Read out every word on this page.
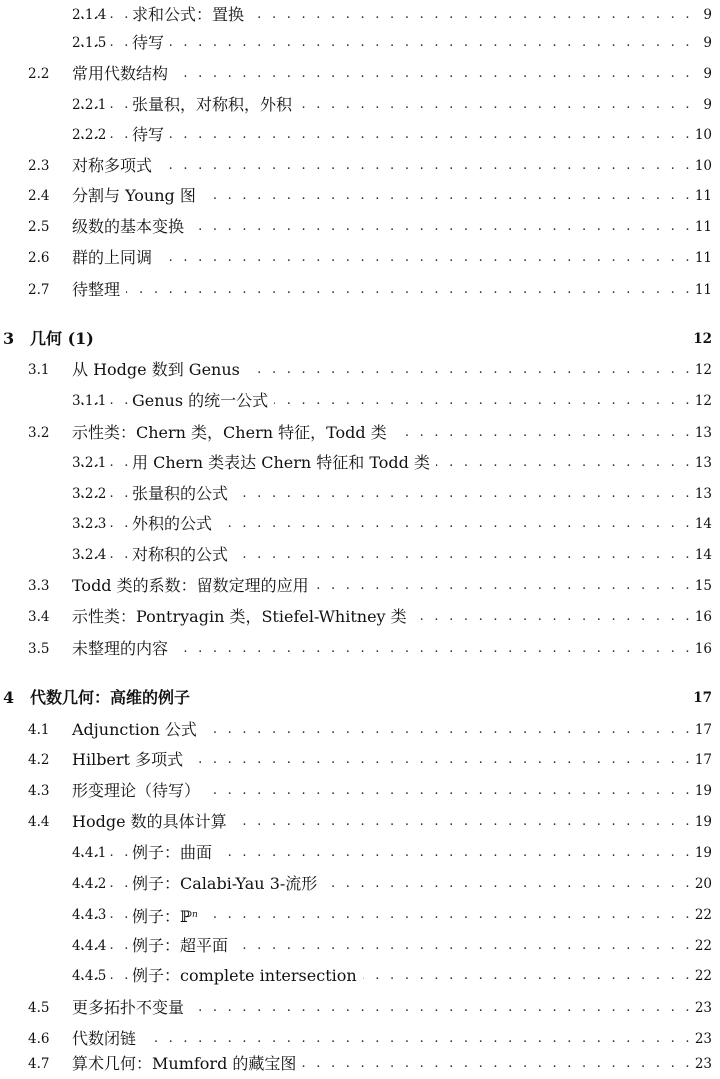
2.1.4 求和公式：置换 . . .	9
2.1.5 待写 . . .	9
2.2 常用代数结构 . . .	9
2.2.1 张量积，对称积，外积 . . .	9
2.2.2 待写 . . .	10
2.3 对称多项式 . . .	10
2.4 分割与 Young 图 . . .	11
2.5 级数的基本变换 . . .	11
2.6 群的上同调 . . .	11
2.7 待整理 . . .	11
3 几何 (1)	12
3.1 从 Hodge 数到 Genus . . .	12
3.1.1 Genus 的统一公式 . . .	12
3.2 示性类：Chern 类，Chern 特征，Todd 类 . . .	13
3.2.1 用 Chern 类表达 Chern 特征和 Todd 类 . . .	13
3.2.2 张量积的公式 . . .	13
3.2.3 外积的公式 . . .	14
3.2.4 对称积的公式 . . .	14
3.3 Todd 类的系数：留数定理的应用 . . .	15
3.4 示性类：Pontryagin 类，Stiefel-Whitney 类 . . .	16
3.5 未整理的内容 . . .	16
4 代数几何：高维的例子	17
4.1 Adjunction 公式 . . .	17
4.2 Hilbert 多项式 . . .	17
4.3 形变理论（待写） . . .	19
4.4 Hodge 数的具体计算 . . .	19
4.4.1 例子：曲面 . . .	19
4.4.2 例子：Calabi-Yau 3-流形 . . .	20
4.4.3 例子：ℙ$^n$ . . .	22
4.4.4 例子：超平面 . . .	22
4.4.5 例子：complete intersection . . .	22
4.5 更多拓扑不变量 . . .	23
4.6 代数闭链 . . .	23
4.7 算术几何：Mumford 的藏宝图 . . .	23
